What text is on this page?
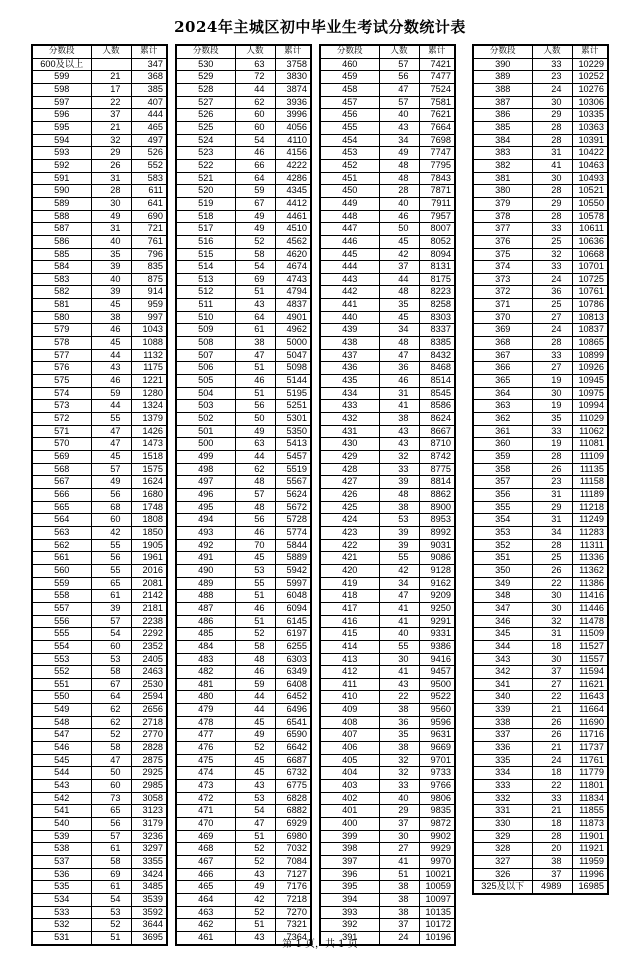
2024年主城区初中毕业生考试分数统计表
分数段	人数	累计
600及以上		347
599	21	368
598	17	385
597	22	407
596	37	444
595	21	465
594	32	497
593	29	526
592	26	552
591	31	583
590	28	611
589	30	641
588	49	690
587	31	721
586	40	761
585	35	796
584	39	835
583	40	875
582	39	914
581	45	959
580	38	997
579	46	1043
578	45	1088
577	44	1132
576	43	1175
575	46	1221
574	59	1280
573	44	1324
572	55	1379
571	47	1426
570	47	1473
569	45	1518
568	57	1575
567	49	1624
566	56	1680
565	68	1748
564	60	1808
563	42	1850
562	55	1905
561	56	1961
560	55	2016
559	65	2081
558	61	2142
557	39	2181
556	57	2238
555	54	2292
554	60	2352
553	53	2405
552	58	2463
551	67	2530
550	64	2594
549	62	2656
548	62	2718
547	52	2770
546	58	2828
545	47	2875
544	50	2925
543	60	2985
542	73	3058
541	65	3123
540	56	3179
539	57	3236
538	61	3297
537	58	3355
536	69	3424
535	61	3485
534	54	3539
533	53	3592
532	52	3644
531	51	3695
分数段	人数	累计
530	63	3758
529	72	3830
528	44	3874
527	62	3936
526	60	3996
525	60	4056
524	54	4110
523	46	4156
522	66	4222
521	64	4286
520	59	4345
519	67	4412
518	49	4461
517	49	4510
516	52	4562
515	58	4620
514	54	4674
513	69	4743
512	51	4794
511	43	4837
510	64	4901
509	61	4962
508	38	5000
507	47	5047
506	51	5098
505	46	5144
504	51	5195
503	56	5251
502	50	5301
501	49	5350
500	63	5413
499	44	5457
498	62	5519
497	48	5567
496	57	5624
495	48	5672
494	56	5728
493	46	5774
492	70	5844
491	45	5889
490	53	5942
489	55	5997
488	51	6048
487	46	6094
486	51	6145
485	52	6197
484	58	6255
483	48	6303
482	46	6349
481	59	6408
480	44	6452
479	44	6496
478	45	6541
477	49	6590
476	52	6642
475	45	6687
474	45	6732
473	43	6775
472	53	6828
471	54	6882
470	47	6929
469	51	6980
468	52	7032
467	52	7084
466	43	7127
465	49	7176
464	42	7218
463	52	7270
462	51	7321
461	43	7364
分数段	人数	累计
460	57	7421
459	56	7477
458	47	7524
457	57	7581
456	40	7621
455	43	7664
454	34	7698
453	49	7747
452	48	7795
451	48	7843
450	28	7871
449	40	7911
448	46	7957
447	50	8007
446	45	8052
445	42	8094
444	37	8131
443	44	8175
442	48	8223
441	35	8258
440	45	8303
439	34	8337
438	48	8385
437	47	8432
436	36	8468
435	46	8514
434	31	8545
433	41	8586
432	38	8624
431	43	8667
430	43	8710
429	32	8742
428	33	8775
427	39	8814
426	48	8862
425	38	8900
424	53	8953
423	39	8992
422	39	9031
421	55	9086
420	42	9128
419	34	9162
418	47	9209
417	41	9250
416	41	9291
415	40	9331
414	55	9386
413	30	9416
412	41	9457
411	43	9500
410	22	9522
409	38	9560
408	36	9596
407	35	9631
406	38	9669
405	32	9701
404	32	9733
403	33	9766
402	40	9806
401	29	9835
400	37	9872
399	30	9902
398	27	9929
397	41	9970
396	51	10021
395	38	10059
394	38	10097
393	38	10135
392	37	10172
391	24	10196
分数段	人数	累计
390	33	10229
389	23	10252
388	24	10276
387	30	10306
386	29	10335
385	28	10363
384	28	10391
383	31	10422
382	41	10463
381	30	10493
380	28	10521
379	29	10550
378	28	10578
377	33	10611
376	25	10636
375	32	10668
374	33	10701
373	24	10725
372	36	10761
371	25	10786
370	27	10813
369	24	10837
368	28	10865
367	33	10899
366	27	10926
365	19	10945
364	30	10975
363	19	10994
362	35	11029
361	33	11062
360	19	11081
359	28	11109
358	26	11135
357	23	11158
356	31	11189
355	29	11218
354	31	11249
353	34	11283
352	28	11311
351	25	11336
350	26	11362
349	22	11386
348	30	11416
347	30	11446
346	32	11478
345	31	11509
344	18	11527
343	30	11557
342	37	11594
341	27	11621
340	22	11643
339	21	11664
338	26	11690
337	26	11716
336	21	11737
335	24	11761
334	18	11779
333	22	11801
332	33	11834
331	21	11855
330	18	11873
329	28	11901
328	20	11921
327	38	11959
326	37	11996
325及以下	4989	16985
第 1 页，共 1 页
